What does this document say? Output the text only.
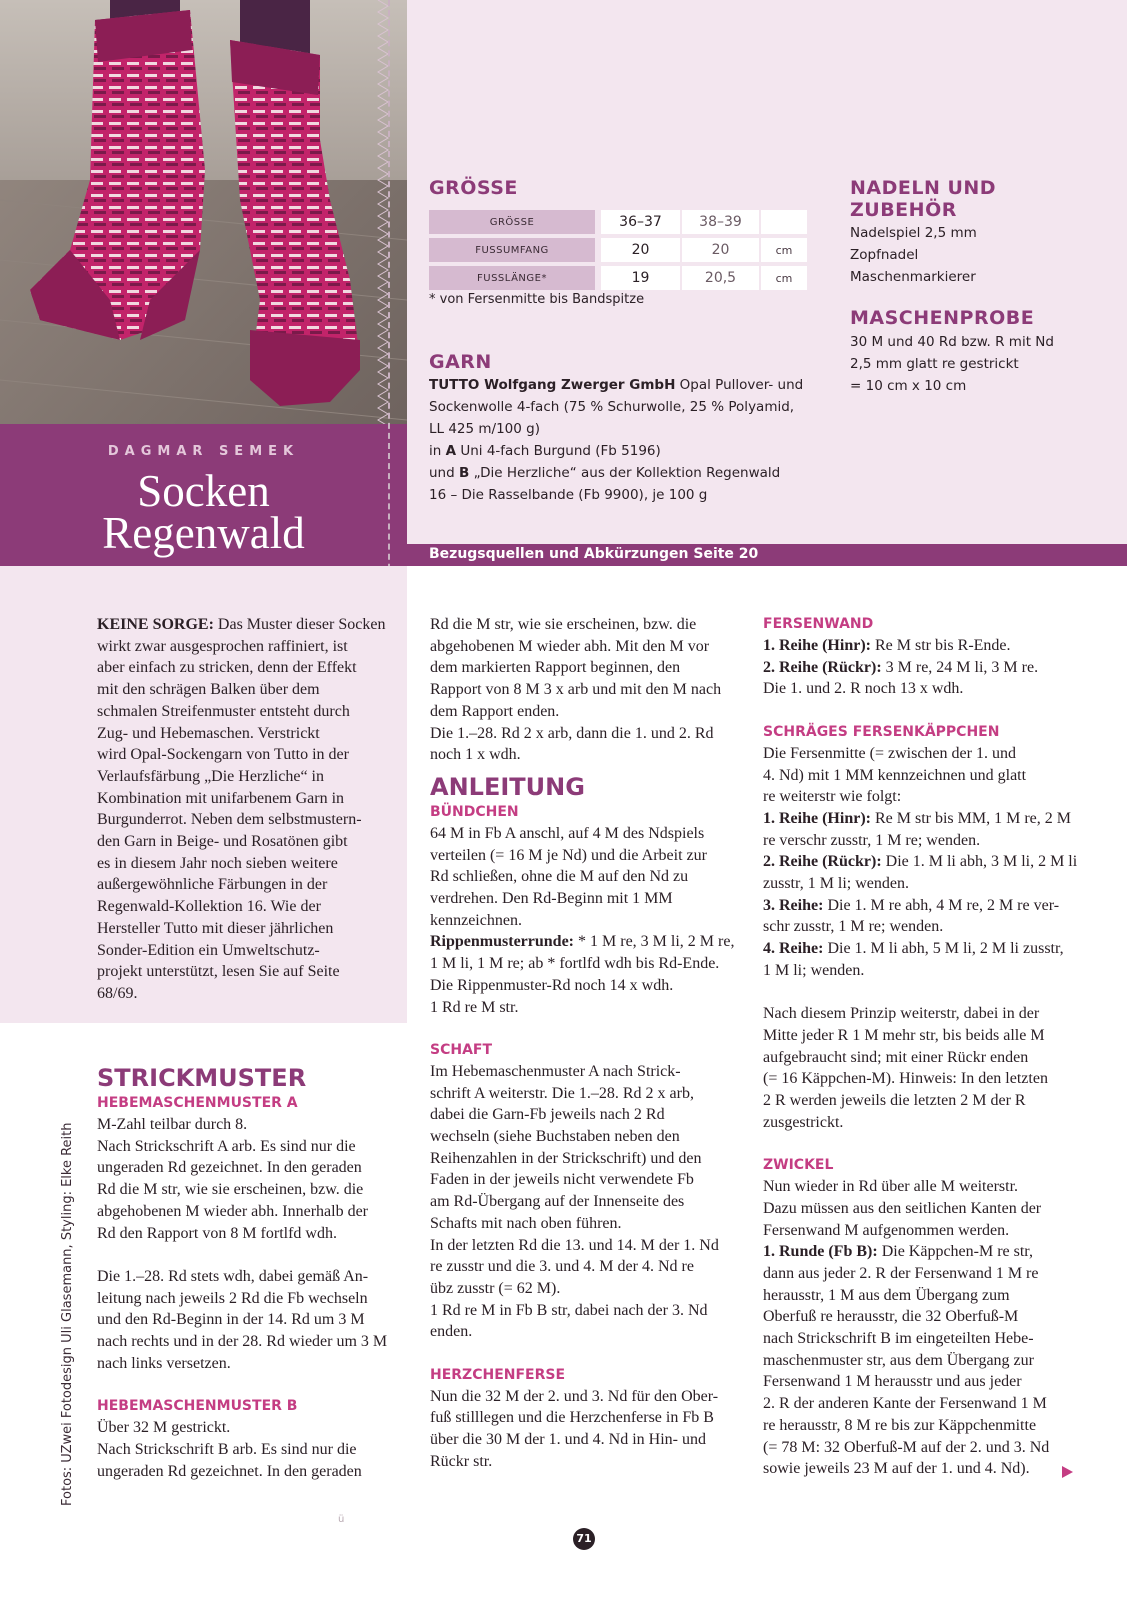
DAGMAR SEMEK
Socken
Regenwald	Bezugsquellen und Abkürzungen Seite 20
GRÖSSE
GRÖSSE		36–37	38–39	
FUSSUMFANG		20	20	cm
FUSSLÄNGE*		19	20,5	cm
* von Fersenmitte bis Bandspitze
GARN
TUTTO Wolfgang Zwerger GmbH Opal Pullover- und
Sockenwolle 4-fach (75 % Schurwolle, 25 % Polyamid,
LL 425 m/100 g)
in A Uni 4-fach Burgund (Fb 5196)
und B „Die Herzliche“ aus der Kollektion Regenwald
16 – Die Rasselbande (Fb 9900), je 100 g
NADELN UND ZUBEHÖR
Nadelspiel 2,5 mm
Zopfnadel
Maschenmarkierer
MASCHENPROBE
30 M und 40 Rd bzw. R mit Nd
2,5 mm glatt re gestrickt
= 10 cm x 10 cm

KEINE SORGE: Das Muster dieser Socken

wirkt zwar ausgesprochen raffiniert, ist

aber einfach zu stricken, denn der Effekt

mit den schrägen Balken über dem

schmalen Streifenmuster entsteht durch

Zug- und Hebemaschen. Verstrickt

wird Opal-Sockengarn von Tutto in der

Verlaufsfärbung „Die Herzliche“ in

Kombination mit unifarbenem Garn in

Burgunderrot. Neben dem selbstmustern-

den Garn in Beige- und Rosatönen gibt

es in diesem Jahr noch sieben weitere

außergewöhnliche Färbungen in der

Regenwald-Kollektion 16. Wie der

Hersteller Tutto mit dieser jährlichen

Sonder-Edition ein Umweltschutz-

projekt unterstützt, lesen Sie auf Seite

68/69.

STRICKMUSTER
HEBEMASCHENMUSTER A

M-Zahl teilbar durch 8.

Nach Strickschrift A arb. Es sind nur die

ungeraden Rd gezeichnet. In den geraden

Rd die M str, wie sie erscheinen, bzw. die

abgehobenen M wieder abh. Innerhalb der

Rd den Rapport von 8 M fortlfd wdh.

Die 1.–28. Rd stets wdh, dabei gemäß An-

leitung nach jeweils 2 Rd die Fb wechseln

und den Rd-Beginn in der 14. Rd um 3 M

nach rechts und in der 28. Rd wieder um 3 M

nach links versetzen.

HEBEMASCHENMUSTER B

Über 32 M gestrickt.

Nach Strickschrift B arb. Es sind nur die

ungeraden Rd gezeichnet. In den geraden

Rd die M str, wie sie erscheinen, bzw. die

abgehobenen M wieder abh. Mit den M vor

dem markierten Rapport beginnen, den

Rapport von 8 M 3 x arb und mit den M nach

dem Rapport enden.

Die 1.–28. Rd 2 x arb, dann die 1. und 2. Rd

noch 1 x wdh.

ANLEITUNG
BÜNDCHEN

64 M in Fb A anschl, auf 4 M des Ndspiels

verteilen (= 16 M je Nd) und die Arbeit zur

Rd schließen, ohne die M auf den Nd zu

verdrehen. Den Rd-Beginn mit 1 MM

kennzeichnen.

Rippenmusterrunde: * 1 M re, 3 M li, 2 M re,

1 M li, 1 M re; ab * fortlfd wdh bis Rd-Ende.

Die Rippenmuster-Rd noch 14 x wdh.

1 Rd re M str.

SCHAFT

Im Hebemaschenmuster A nach Strick-

schrift A weiterstr. Die 1.–28. Rd 2 x arb,

dabei die Garn-Fb jeweils nach 2 Rd

wechseln (siehe Buchstaben neben den

Reihenzahlen in der Strickschrift) und den

Faden in der jeweils nicht verwendete Fb

am Rd-Übergang auf der Innenseite des

Schafts mit nach oben führen.

In der letzten Rd die 13. und 14. M der 1. Nd

re zusstr und die 3. und 4. M der 4. Nd re

übz zusstr (= 62 M).

1 Rd re M in Fb B str, dabei nach der 3. Nd

enden.

HERZCHENFERSE

Nun die 32 M der 2. und 3. Nd für den Ober-

fuß stilllegen und die Herzchenferse in Fb B

über die 30 M der 1. und 4. Nd in Hin- und

Rückr str.

FERSENWAND

1. Reihe (Hinr): Re M str bis R-Ende.

2. Reihe (Rückr): 3 M re, 24 M li, 3 M re.

Die 1. und 2. R noch 13 x wdh.

SCHRÄGES FERSENKÄPPCHEN

Die Fersenmitte (= zwischen der 1. und

4. Nd) mit 1 MM kennzeichnen und glatt

re weiterstr wie folgt:

1. Reihe (Hinr): Re M str bis MM, 1 M re, 2 M

re verschr zusstr, 1 M re; wenden.

2. Reihe (Rückr): Die 1. M li abh, 3 M li, 2 M li

zusstr, 1 M li; wenden.

3. Reihe: Die 1. M re abh, 4 M re, 2 M re ver-

schr zusstr, 1 M re; wenden.

4. Reihe: Die 1. M li abh, 5 M li, 2 M li zusstr,

1 M li; wenden.

Nach diesem Prinzip weiterstr, dabei in der

Mitte jeder R 1 M mehr str, bis beids alle M

aufgebraucht sind; mit einer Rückr enden

(= 16 Käppchen-M). Hinweis: In den letzten

2 R werden jeweils die letzten 2 M der R

zusgestrickt.

ZWICKEL

Nun wieder in Rd über alle M weiterstr.

Dazu müssen aus den seitlichen Kanten der

Fersenwand M aufgenommen werden.

1. Runde (Fb B): Die Käppchen-M re str,

dann aus jeder 2. R der Fersenwand 1 M re

herausstr, 1 M aus dem Übergang zum

Oberfuß re herausstr, die 32 Oberfuß-M

nach Strickschrift B im eingeteilten Hebe-

maschenmuster str, aus dem Übergang zur

Fersenwand 1 M herausstr und aus jeder

2. R der anderen Kante der Fersenwand 1 M

re herausstr, 8 M re bis zur Käppchenmitte

(= 78 M: 32 Oberfuß-M auf der 2. und 3. Nd

sowie jeweils 23 M auf der 1. und 4. Nd).

Fotos: UZwei Fotodesign Uli Glasemann, Styling: Elke Reith
ü
71
